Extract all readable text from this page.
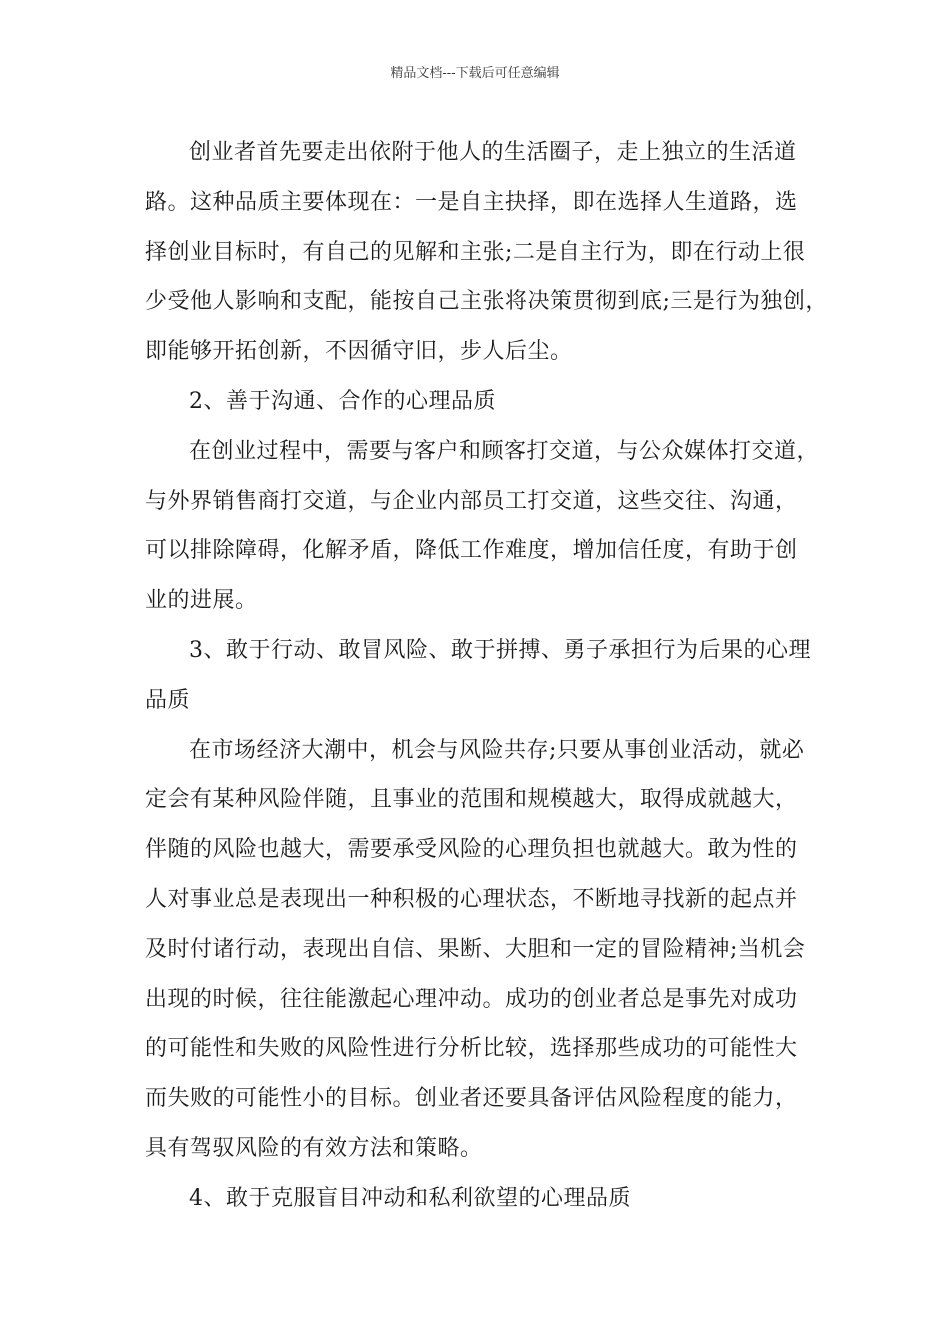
精品文档---下载后可任意编辑
创业者首先要走出依附于他人的生活圈子，走上独立的生活道
路。这种品质主要体现在：一是自主抉择，即在选择人生道路，选
择创业目标时，有自己的见解和主张;二是自主行为，即在行动上很
少受他人影响和支配，能按自己主张将决策贯彻到底;三是行为独创，
即能够开拓创新，不因循守旧，步人后尘。
2、善于沟通、合作的心理品质
在创业过程中，需要与客户和顾客打交道，与公众媒体打交道，
与外界销售商打交道，与企业内部员工打交道，这些交往、沟通，
可以排除障碍，化解矛盾，降低工作难度，增加信任度，有助于创
业的进展。
3、敢于行动、敢冒风险、敢于拼搏、勇子承担行为后果的心理
品质
在市场经济大潮中，机会与风险共存;只要从事创业活动，就必
定会有某种风险伴随，且事业的范围和规模越大，取得成就越大，
伴随的风险也越大，需要承受风险的心理负担也就越大。敢为性的
人对事业总是表现出一种积极的心理状态，不断地寻找新的起点并
及时付诸行动，表现出自信、果断、大胆和一定的冒险精神;当机会
出现的时候，往往能激起心理冲动。成功的创业者总是事先对成功
的可能性和失败的风险性进行分析比较，选择那些成功的可能性大
而失败的可能性小的目标。创业者还要具备评估风险程度的能力，
具有驾驭风险的有效方法和策略。
4、敢于克服盲目冲动和私利欲望的心理品质
